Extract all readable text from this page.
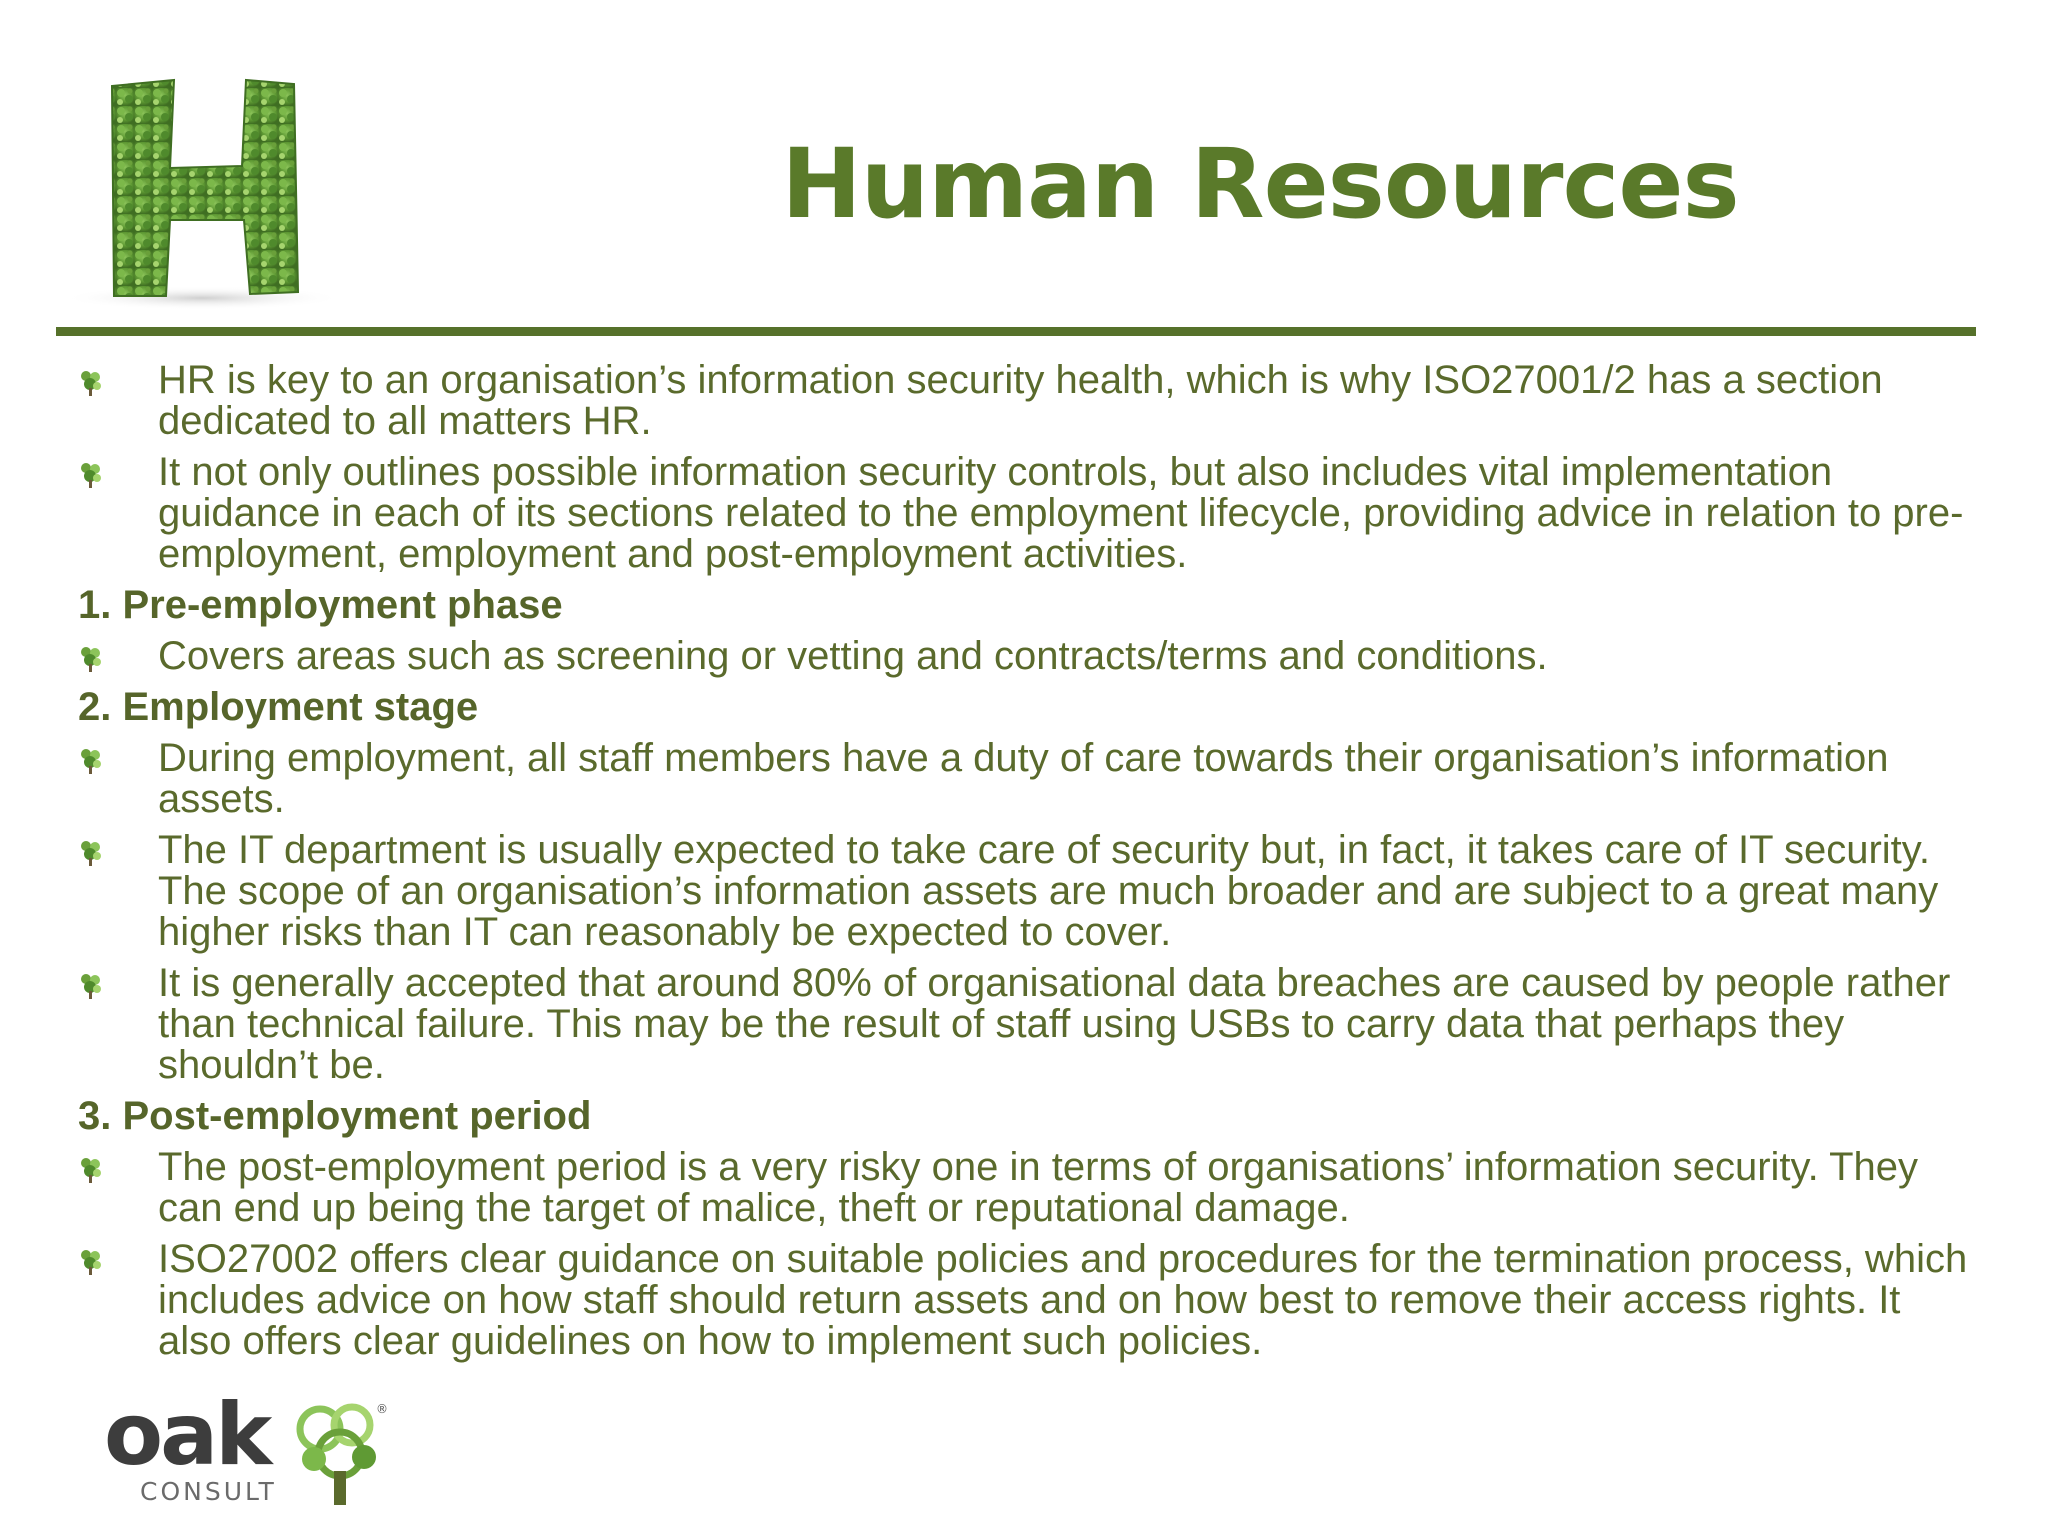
Human Resources
HR is key to an organisation’s information security health, which is why ISO27001/2 has a section dedicated to all matters HR.
It not only outlines possible information security controls, but also includes vital implementation guidance in each of its sections related to the employment lifecycle, providing advice in relation to pre-employment, employment and post-employment activities.
1. Pre-employment phase
Covers areas such as screening or vetting and contracts/terms and conditions.
2. Employment stage
During employment, all staff members have a duty of care towards their organisation’s information assets.
The IT department is usually expected to take care of security but, in fact, it takes care of IT security. The scope of an organisation’s information assets are much broader and are subject to a great many higher risks than IT can reasonably be expected to cover.
It is generally accepted that around 80% of organisational data breaches are caused by people rather than technical failure. This may be the result of staff using USBs to carry data that perhaps they shouldn’t be.
3. Post-employment period
The post-employment period is a very risky one in terms of organisations’ information security. They can end up being the target of malice, theft or reputational damage.
ISO27002 offers clear guidance on suitable policies and procedures for the termination process, which includes advice on how staff should return assets and on how best to remove their access rights. It also offers clear guidelines on how to implement such policies.
oak
CONSULT
®
